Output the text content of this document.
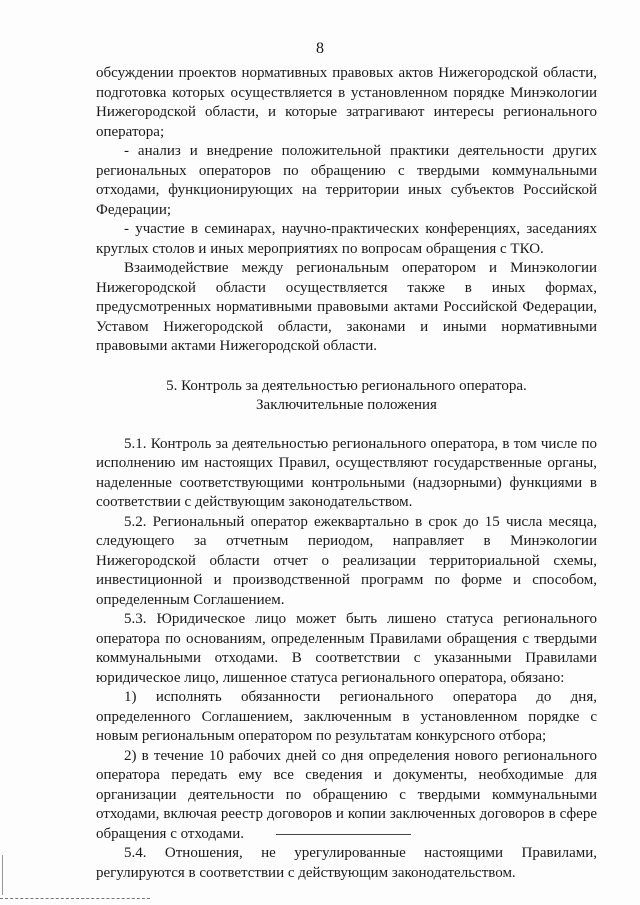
8

обсуждении проектов нормативных правовых актов Нижегородской области, подготовка которых осуществляется в установленном порядке Минэкологии Нижегородской области, и которые затрагивают интересы регионального оператора;

- анализ и внедрение положительной практики деятельности других региональных операторов по обращению с твердыми коммунальными отходами, функционирующих на территории иных субъектов Российской Федерации;

- участие в семинарах, научно-практических конференциях, заседаниях круглых столов и иных мероприятиях по вопросам обращения с ТКО.

Взаимодействие между региональным оператором и Минэкологии Нижегородской области осуществляется также в иных формах, предусмотренных нормативными правовыми актами Российской Федерации, Уставом Нижегородской области, законами и иными нормативными правовыми актами Нижегородской области.

5. Контроль за деятельностью регионального оператора.

Заключительные положения

5.1. Контроль за деятельностью регионального оператора, в том числе по исполнению им настоящих Правил, осуществляют государственные органы, наделенные соответствующими контрольными (надзорными) функциями в соответствии с действующим законодательством.

5.2. Региональный оператор ежеквартально в срок до 15 числа месяца, следующего за отчетным периодом, направляет в Минэкологии Нижегородской области отчет о реализации территориальной схемы, инвестиционной и производственной программ по форме и способом, определенным Соглашением.

5.3. Юридическое лицо может быть лишено статуса регионального оператора по основаниям, определенным Правилами обращения с твердыми коммунальными отходами. В соответствии с указанными Правилами юридическое лицо, лишенное статуса регионального оператора, обязано:

1) исполнять обязанности регионального оператора до дня, определенного Соглашением, заключенным в установленном порядке с новым региональным оператором по результатам конкурсного отбора;

2) в течение 10 рабочих дней со дня определения нового регионального оператора передать ему все сведения и документы, необходимые для организации деятельности по обращению с твердыми коммунальными отходами, включая реестр договоров и копии заключенных договоров в сфере обращения с отходами.

5.4. Отношения, не урегулированные настоящими Правилами, регулируются в соответствии с действующим законодательством.
